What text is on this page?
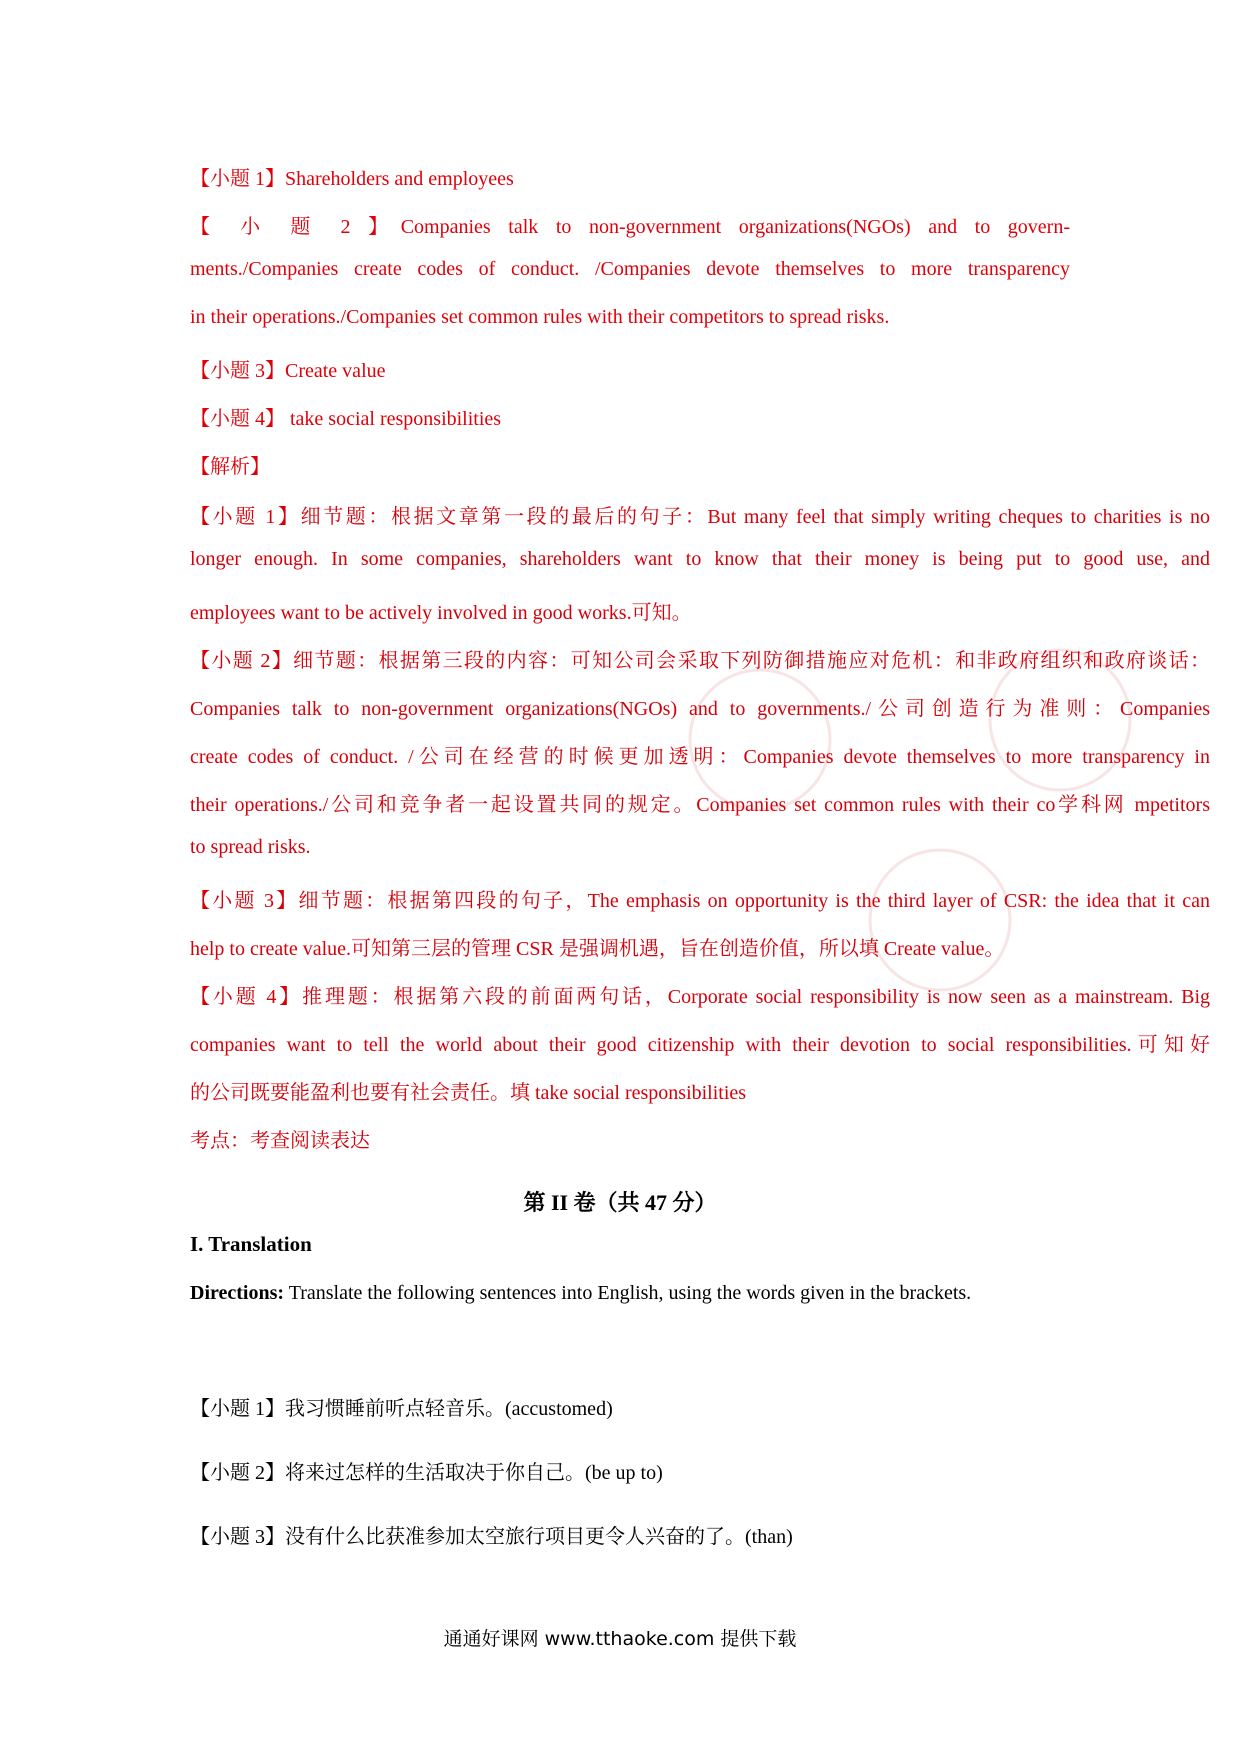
【小题 1】Shareholders and employees
【 小 题 2 】Companies talk to non-government organizations(NGOs) and to govern-
ments./Companies create codes of conduct. /Companies devote themselves to more transparency
in their operations./Companies set common rules with their competitors to spread risks.
【小题 3】Create value
【小题 4】 take social responsibilities
【解析】
【小题 1】细节题：根据文章第一段的最后的句子：But many feel that simply writing cheques to charities is no
longer enough. In some companies, shareholders want to know that their money is being put to good use, and
employees want to be actively involved in good works.可知。
【小题 2】细节题：根据第三段的内容：可知公司会采取下列防御措施应对危机：和非政府组织和政府谈话：
Companies talk to non-government organizations(NGOs) and to governments./公司创造行为准则：Companies
create codes of conduct. /公司在经营的时候更加透明：Companies devote themselves to more transparency in
their operations./公司和竞争者一起设置共同的规定。Companies set common rules with their co学科网 mpetitors
to spread risks.
【小题 3】细节题：根据第四段的句子，The emphasis on opportunity is the third layer of CSR: the idea that it can
help to create value.可知第三层的管理 CSR 是强调机遇，旨在创造价值，所以填 Create value。
【小题 4】推理题：根据第六段的前面两句话，Corporate social responsibility is now seen as a mainstream. Big
companies want to tell the world about their good citizenship with their devotion to social responsibilities.可知好
的公司既要能盈利也要有社会责任。填 take social responsibilities
考点：考查阅读表达
第 II 卷（共 47 分）
I. Translation
Directions: Translate the following sentences into English, using the words given in the brackets.
【小题 1】我习惯睡前听点轻音乐。(accustomed)
【小题 2】将来过怎样的生活取决于你自己。(be up to)
【小题 3】没有什么比获准参加太空旅行项目更令人兴奋的了。(than)
通通好课网 www.tthaoke.com 提供下载
